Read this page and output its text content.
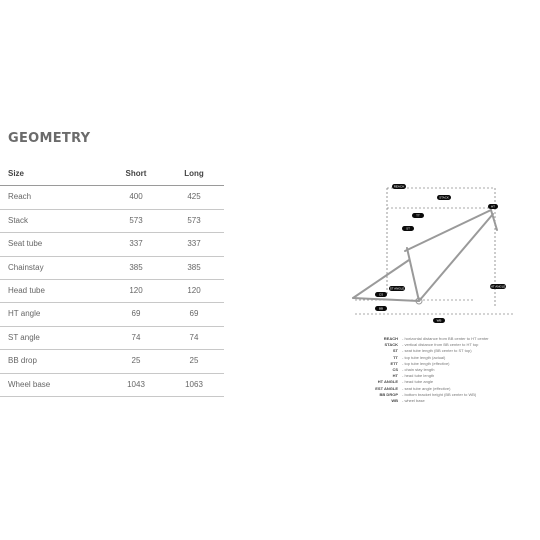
GEOMETRY
Size	Short	Long
Reach	400	425
Stack	573	573
Seat tube	337	337
Chainstay	385	385
Head tube	120	120
HT angle	69	69
ST angle	74	74
BB drop	25	25
Wheel base	1043	1063
STACK
REACH
TT
HT
ST
CS
BB
WB
HT ANGLE
ST ANGLE
REACH - horizontal distance from BB center to HT center
STACK - vertical distance from BB center to HT top
ST - seat tube length (BB center to ST top)
TT - top tube length (actual)
ETT - top tube length (effective)
CS - chain stay length
HT - head tube length
HT ANGLE - head tube angle
EST ANGLE - seat tube angle (effective)
BB DROP - bottom bracket height (BB center to WB)
WB - wheel base
